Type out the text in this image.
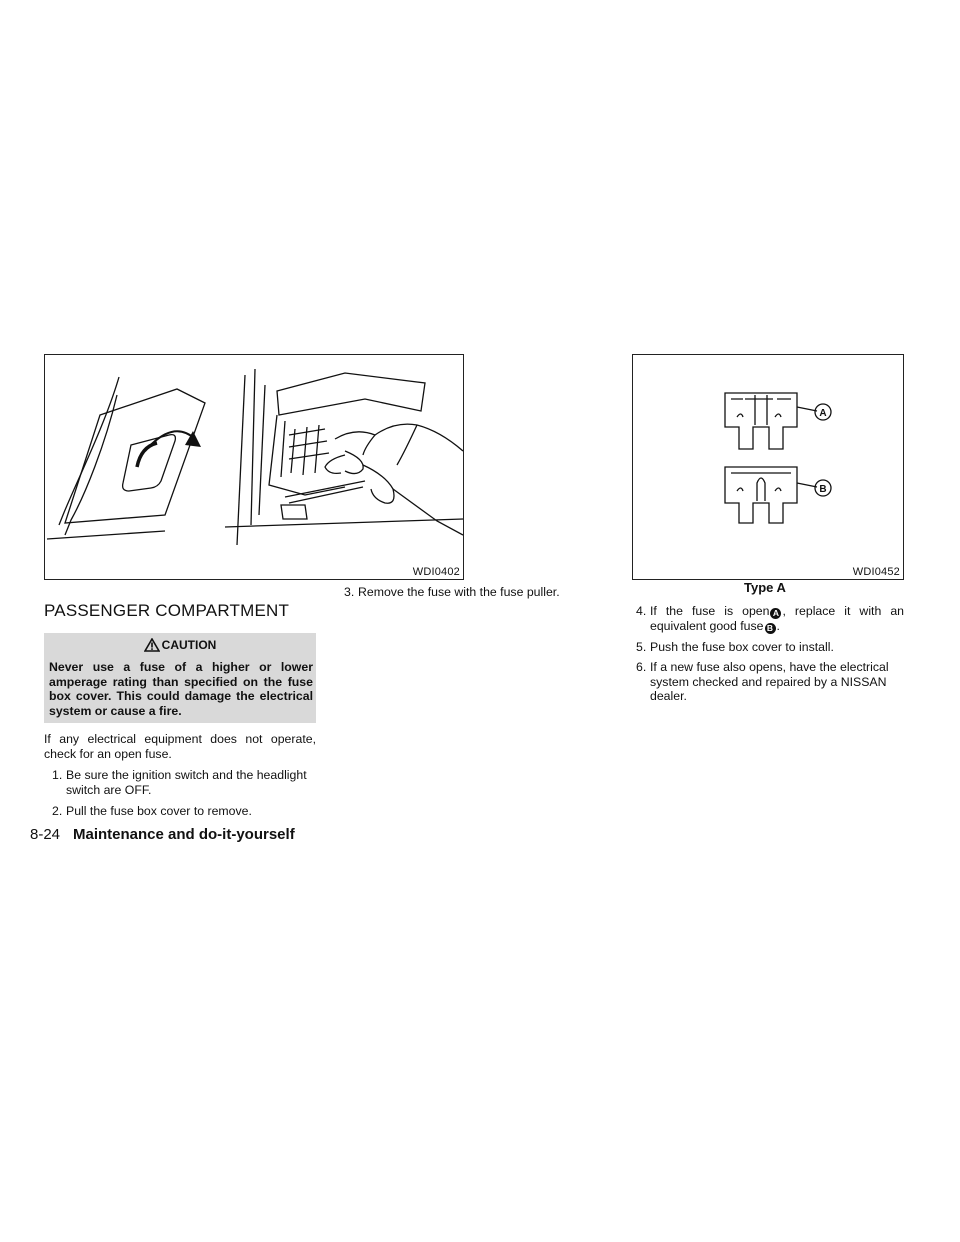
WDI0402
A
B
WDI0452
Type A
PASSENGER COMPARTMENT
CAUTION
Never use a fuse of a higher or lower amperage rating than specified on the fuse box cover. This could damage the electrical system or cause a fire.
If any electrical equipment does not operate, check for an open fuse.
1. Be sure the ignition switch and the headlight switch are OFF.
2. Pull the fuse box cover to remove.
3. Remove the fuse with the fuse puller.
4. If the fuse is open A , replace it with an equivalent good fuse B .
5. Push the fuse box cover to install.
6. If a new fuse also opens, have the electrical system checked and repaired by a NISSAN dealer.
8-24 Maintenance and do-it-yourself
